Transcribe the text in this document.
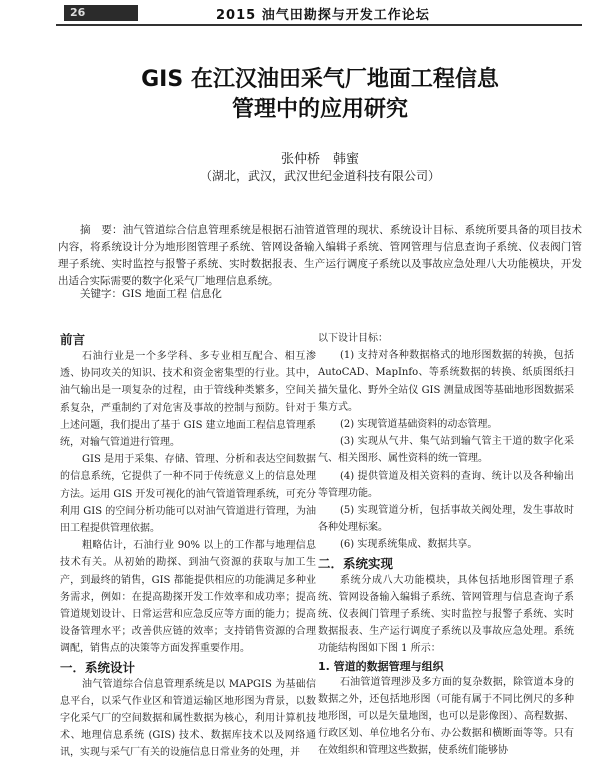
26	2015 油气田勘探与开发工作论坛
GIS 在江汉油田采气厂地面工程信息
管理中的应用研究
张仲桥　韩蜜
（湖北，武汉，武汉世纪金道科技有限公司）
摘　要：油气管道综合信息管理系统是根据石油管道管理的现状、系统设计目标、系统所要具备的项目技术内容，将系统设计分为地形图管理子系统、管网设备输入编辑子系统、管网管理与信息查询子系统、仪表阀门管理子系统、实时监控与报警子系统、实时数据报表、生产运行调度子系统以及事故应急处理八大功能模块，开发出适合实际需要的数字化采气厂地理信息系统。
关键字：GIS 地面工程 信息化

前言

石油行业是一个多学科、多专业相互配合、相互渗透、协同攻关的知识、技术和资金密集型的行业。其中，油气输出是一项复杂的过程，由于管线种类繁多，空间关系复杂，严重制约了对危害及事故的控制与预防。针对于上述问题，我们提出了基于 GIS 建立地面工程信息管理系统，对输气管道进行管理。

GIS 是用于采集、存储、管理、分析和表达空间数据的信息系统，它提供了一种不同于传统意义上的信息处理方法。运用 GIS 开发可视化的油气管道管理系统，可充分利用 GIS 的空间分析功能可以对油气管道进行管理，为油田工程提供管理依据。

粗略估计，石油行业 90% 以上的工作都与地理信息技术有关。从初始的勘探、到油气资源的获取与加工生产，到最终的销售，GIS 都能提供相应的功能满足多种业务需求，例如：在提高勘探开发工作效率和成功率；提高管道规划设计、日常运营和应急反应等方面的能力；提高设备管理水平；改善供应链的效率；支持销售资源的合理调配，销售点的决策等方面发挥重要作用。

一．系统设计

油气管道综合信息管理系统是以 MAPGIS 为基础信息平台，以采气作业区和管道运输区地形图为背景，以数字化采气厂的空间数据和属性数据为核心，利用计算机技术、地理信息系统 (GIS) 技术、数据库技术以及网络通讯，实现与采气厂有关的设施信息日常业务的处理，并

以下设计目标：

(1) 支持对各种数据格式的地形图数据的转换，包括 AutoCAD、MapInfo、等系统数据的转换、纸质图纸扫描矢量化、野外全站仪 GIS 测量成图等基础地形图数据采集方式。

(2) 实现管道基础资料的动态管理。

(3) 实现从气井、集气站到输气管主干道的数字化采气、相关图形、属性资料的统一管理。

(4) 提供管道及相关资料的查询、统计以及各种输出等管理功能。

(5) 实现管道分析，包括事故关阀处理，发生事故时各种处理标案。

(6) 实现系统集成、数据共享。

二．系统实现

系统分成八大功能模块，具体包括地形图管理子系统、管网设备输入编辑子系统、管网管理与信息查询子系统、仪表阀门管理子系统、实时监控与报警子系统、实时数据报表、生产运行调度子系统以及事故应急处理。系统功能结构图如下图 1 所示：

1. 管道的数据管理与组织

石油管道管理涉及多方面的复杂数据，除管道本身的数据之外，还包括地形图（可能有属于不同比例尺的多种地形图，可以是矢量地图，也可以是影像图）、高程数据、行政区划、单位地名分布、办公数据和横断面等等。只有在效组织和管理这些数据，使系统们能够协
